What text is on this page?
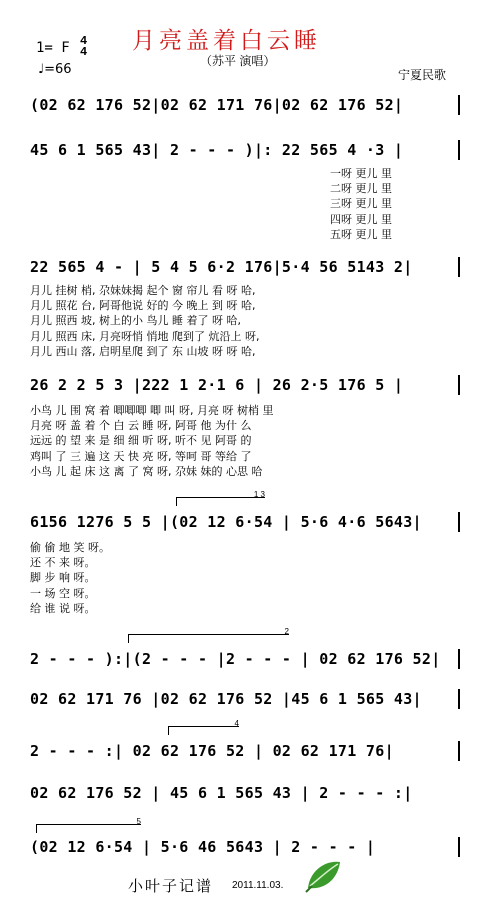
月亮盖着白云睡
（苏平 演唱）
1= F 4
4
♩=66	宁夏民歌
(02 62 176 52|02 62 171 76|02 62 176 52|
45 6 1 565 43| 2 - - - )|: 22 565 4 ·3 |
一呀 更儿 里
二呀 更儿 里
三呀 更儿 里
四呀 更儿 里
五呀 更儿 里
22 565 4 - | 5 4 5 6·2 176|5·4 56 5143 2|
月儿 挂树 梢, 尕妹妹揭 起个 窗 帘儿 看 呀 哈,
月儿 照花 台, 阿哥他说 好的 今 晚上 到 呀 哈,
月儿 照西 坡, 树上的小 鸟儿 睡 着了 呀 哈,
月儿 照西 床, 月亮呀悄 悄地 爬到了 炕沿上 呀,
月儿 西山 落, 启明星爬 到了 东 山坡 呀 呀 哈,
26 2 2 5 3 |222 1 2·1 6 | 26 2·5 176 5 |
小鸟 儿 围 窝 着 唧唧唧 唧 叫 呀, 月亮 呀 树梢 里
月亮 呀 盖 着 个 白 云 睡 呀, 阿哥 他 为什 么
远远 的 望 来 是 细 细 听 呀, 听不 见 阿哥 的
鸡叫 了 三 遍 这 天 快 亮 呀, 等呵 哥 等给 了
小鸟 儿 起 床 这 离 了 窝 呀, 尕妹 妹的 心思 哈
1 3
6156 1276 5 5 |(02 12 6·54 | 5·6 4·6 5643|
偷 偷 地 笑 呀。
还 不 来 呀。
脚 步 响 呀。
一 场 空 呀。
给 谁 说 呀。
2
2 - - - ):|(2 - - - |2 - - - | 02 62 176 52|
02 62 171 76 |02 62 176 52 |45 6 1 565 43|
4
2 - - - :| 02 62 176 52 | 02 62 171 76|
02 62 176 52 | 45 6 1 565 43 | 2 - - - :|
5
(02 12 6·54 | 5·6 46 5643 | 2 - - - |
小叶子记谱 2011.11.03.
